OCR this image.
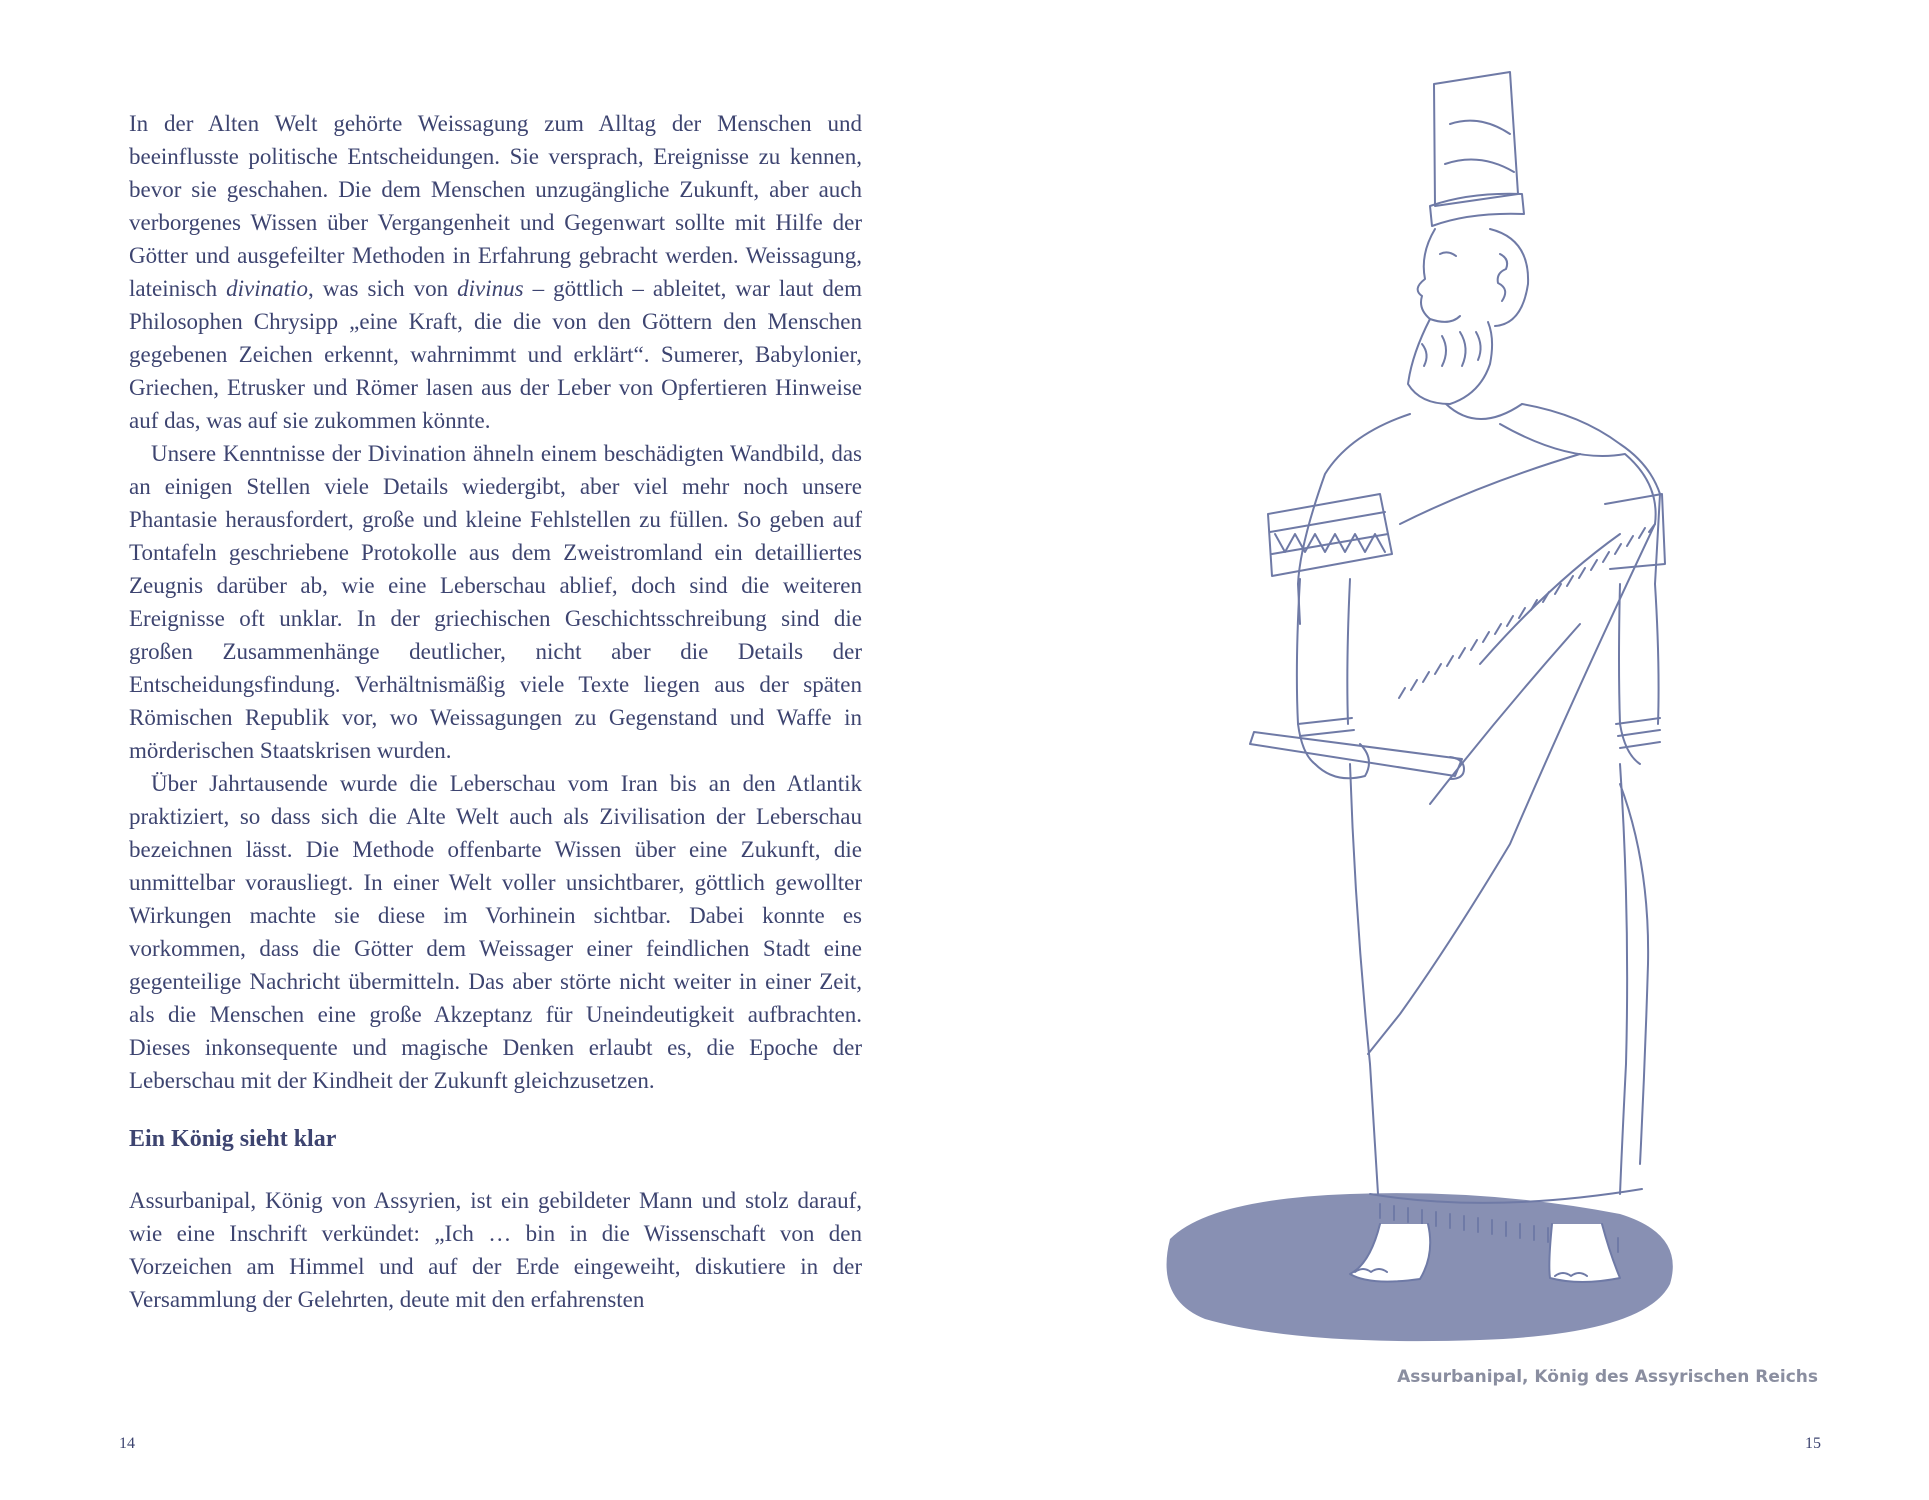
In der Alten Welt gehörte Weissagung zum Alltag der Menschen und beeinflusste politische Entscheidungen. Sie versprach, Ereignisse zu kennen, bevor sie geschahen. Die dem Menschen unzugängliche Zukunft, aber auch verborgenes Wissen über Vergangenheit und Gegenwart sollte mit Hilfe der Götter und ausgefeilter Methoden in Erfahrung gebracht werden. Weissagung, lateinisch divinatio, was sich von divinus – göttlich – ableitet, war laut dem Philosophen Chrysipp „eine Kraft, die die von den Göttern den Menschen gegebenen Zeichen erkennt, wahrnimmt und erklärt“. Sumerer, Babylonier, Griechen, Etrusker und Römer lasen aus der Leber von Opfertieren Hinweise auf das, was auf sie zukommen könnte.

Unsere Kenntnisse der Divination ähneln einem beschädigten Wandbild, das an einigen Stellen viele Details wiedergibt, aber viel mehr noch unsere Phantasie herausfordert, große und kleine Fehlstellen zu füllen. So geben auf Tontafeln geschriebene Protokolle aus dem Zweistromland ein detailliertes Zeugnis darüber ab, wie eine Leberschau ablief, doch sind die weiteren Ereignisse oft unklar. In der griechischen Geschichtsschreibung sind die großen Zusammenhänge deutlicher, nicht aber die Details der Entscheidungsfindung. Verhältnismäßig viele Texte liegen aus der späten Römischen Republik vor, wo Weissagungen zu Gegenstand und Waffe in mörderischen Staatskrisen wurden.

Über Jahrtausende wurde die Leberschau vom Iran bis an den Atlantik praktiziert, so dass sich die Alte Welt auch als Zivilisation der Leberschau bezeichnen lässt. Die Methode offenbarte Wissen über eine Zukunft, die unmittelbar vorausliegt. In einer Welt voller unsichtbarer, göttlich gewollter Wirkungen machte sie diese im Vorhinein sichtbar. Dabei konnte es vorkommen, dass die Götter dem Weissager einer feindlichen Stadt eine gegenteilige Nachricht übermitteln. Das aber störte nicht weiter in einer Zeit, als die Menschen eine große Akzeptanz für Uneindeutigkeit aufbrachten. Dieses inkonsequente und magische Denken erlaubt es, die Epoche der Leberschau mit der Kindheit der Zukunft gleichzusetzen.

Ein König sieht klar

Assurbanipal, König von Assyrien, ist ein gebildeter Mann und stolz darauf, wie eine Inschrift verkündet: „Ich … bin in die Wissenschaft von den Vorzeichen am Himmel und auf der Erde eingeweiht, diskutiere in der Versammlung der Gelehrten, deute mit den erfahrensten

14
Assurbanipal, König des Assyrischen Reichs
15
